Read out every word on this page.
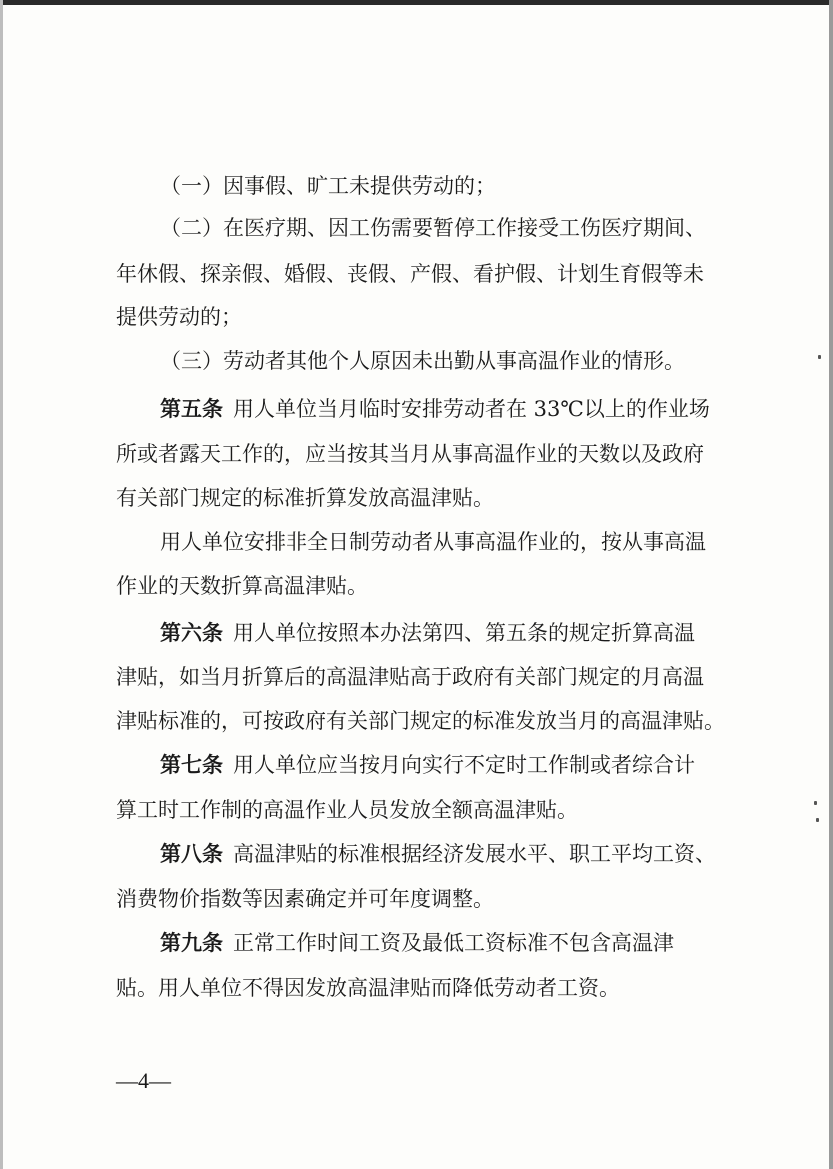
（一）因事假、旷工未提供劳动的；
（二）在医疗期、因工伤需要暂停工作接受工伤医疗期间、
年休假、探亲假、婚假、丧假、产假、看护假、计划生育假等未
提供劳动的；
（三）劳动者其他个人原因未出勤从事高温作业的情形。
第五条 用人单位当月临时安排劳动者在 33℃以上的作业场
所或者露天工作的，应当按其当月从事高温作业的天数以及政府
有关部门规定的标准折算发放高温津贴。
用人单位安排非全日制劳动者从事高温作业的，按从事高温
作业的天数折算高温津贴。
第六条 用人单位按照本办法第四、第五条的规定折算高温
津贴，如当月折算后的高温津贴高于政府有关部门规定的月高温
津贴标准的，可按政府有关部门规定的标准发放当月的高温津贴。
第七条 用人单位应当按月向实行不定时工作制或者综合计
算工时工作制的高温作业人员发放全额高温津贴。
第八条 高温津贴的标准根据经济发展水平、职工平均工资、
消费物价指数等因素确定并可年度调整。
第九条 正常工作时间工资及最低工资标准不包含高温津
贴。用人单位不得因发放高温津贴而降低劳动者工资。
—4—
